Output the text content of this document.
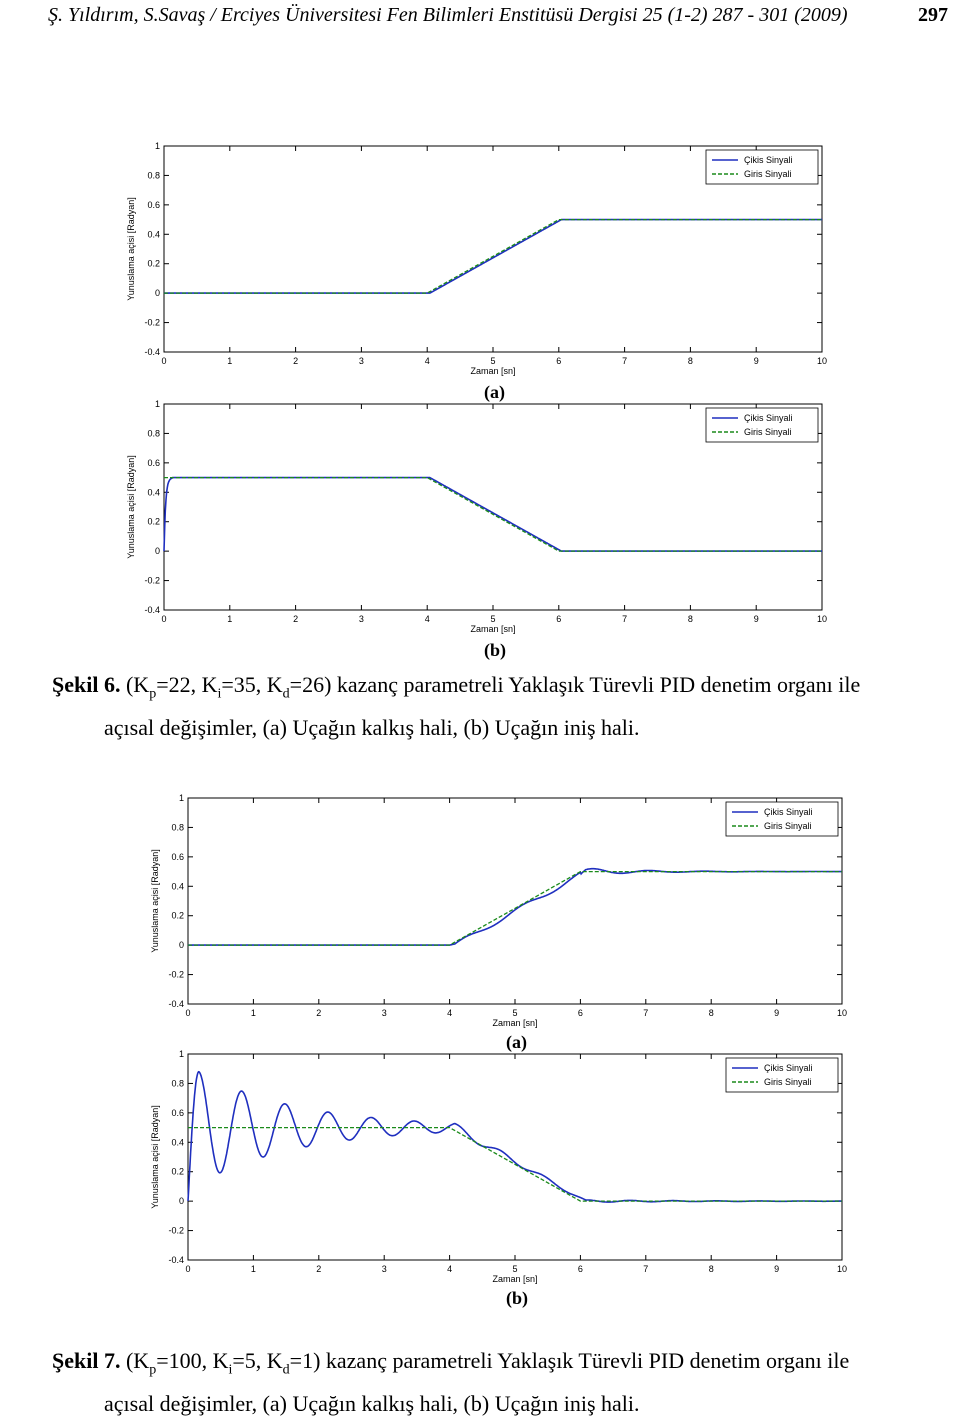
Ş. Yıldırım, S.Savaş / Erciyes Üniversitesi Fen Bilimleri Enstitüsü Dergisi 25 (1-2) 287 - 301 (2009)	297
0	1	2	3	4	5	6	7	8	9	10
-0.4
-0.2
0
0.2
0.4
0.6
0.8
1
Zaman [sn]
Yunuslama açisi [Radyan]
Çikis Sinyali
Giris Sinyali
(a)
0	1	2	3	4	5	6	7	8	9	10
-0.4
-0.2
0
0.2
0.4
0.6
0.8
1
Zaman [sn]
Yunuslama açisi [Radyan]
Çikis Sinyali
Giris Sinyali
(b)
Şekil 6. ($K_p=22$, $K_i=35$, $K_d=26$) kazanç parametreli Yaklaşık Türevli PID denetim organı ile
açısal değişimler, (a) Uçağın kalkış hali, (b) Uçağın iniş hali.
0	1	2	3	4	5	6	7	8	9	10
-0.4
-0.2
0
0.2
0.4
0.6
0.8
1
Zaman [sn]
Yunuslama açisi [Radyan]
Çikis Sinyali
Giris Sinyali
(a)
0	1	2	3	4	5	6	7	8	9	10
-0.4
-0.2
0
0.2
0.4
0.6
0.8
1
Zaman [sn]
Yunuslama açisi [Radyan]
Çikis Sinyali
Giris Sinyali
(b)
Şekil 7. ($K_p=100$, $K_i=5$, $K_d=1$) kazanç parametreli Yaklaşık Türevli PID denetim organı ile
açısal değişimler, (a) Uçağın kalkış hali, (b) Uçağın iniş hali.
